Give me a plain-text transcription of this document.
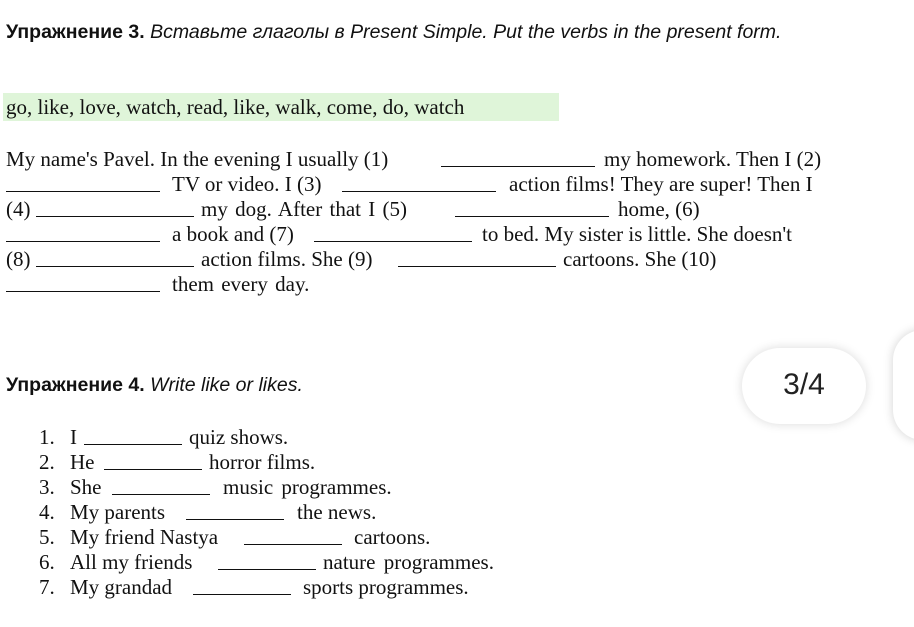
Упражнение 3. Вставьте глаголы в Present Simple. Put the verbs in the present form.
go, like, love, watch, read, like, walk, come, do, watch
My name's Pavel. In the evening I usually (1)	my homework. Then I (2)
TV or video. I (3)	action films! They are super! Then I
(4)	my dog. After that I (5)	home, (6)
a book and (7)	to bed. My sister is little. She doesn't
(8)	action films. She (9)	cartoons. She (10)
them every day.
Упражнение 4. Write like or likes.
1. I	quiz shows.
2. He	horror films.
3. She	music programmes.
4. My parents	the news.
5. My friend Nastya	cartoons.
6. All my friends	nature programmes.
7. My grandad	sports programmes.
3/4
